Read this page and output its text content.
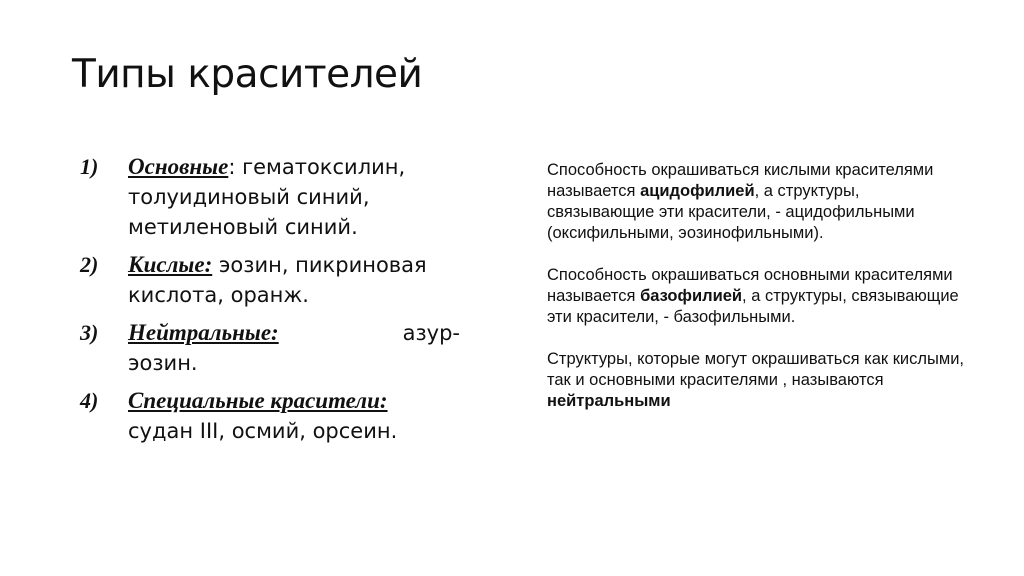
Типы красителей
1)	Основные: гематоксилин,
толуидиновый синий,
метиленовый синий.
2)	Кислые: эозин, пикриновая
кислота, оранж.
3)	Нейтральные:	азур-
эозин.
4)	Специальные красители:
судан III, осмий, орсеин.

Способность окрашиваться кислыми красителями называется ацидофилией, а структуры, связывающие эти красители, - ацидофильными (оксифильными, эозинофильными).

Способность окрашиваться основными красителями называется базофилией, а структуры, связывающие эти красители, - базофильными.

Структуры, которые могут окрашиваться как кислыми, так и основными красителями , называются нейтральными
